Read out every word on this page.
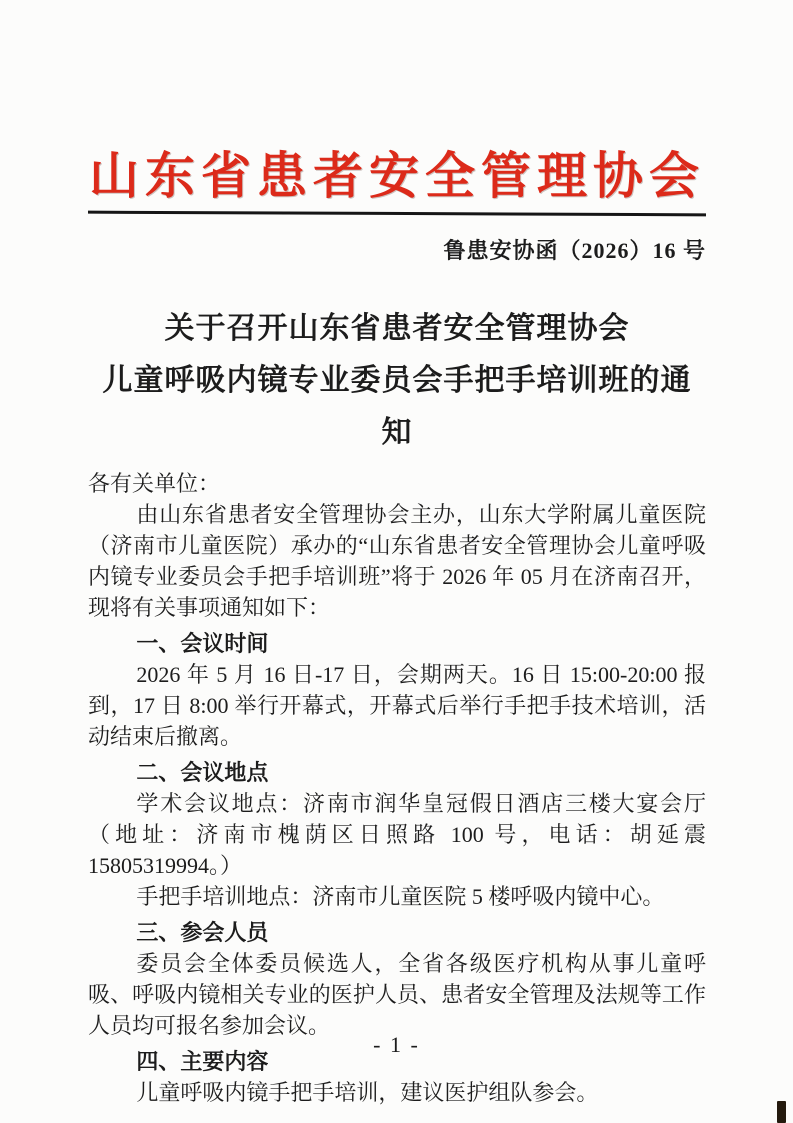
山东省患者安全管理协会
鲁患安协函（2026）16 号
关于召开山东省患者安全管理协会
儿童呼吸内镜专业委员会手把手培训班的通知
各有关单位：

由山东省患者安全管理协会主办，山东大学附属儿童医院（济南市儿童医院）承办的“山东省患者安全管理协会儿童呼吸内镜专业委员会手把手培训班”将于 2026 年 05 月在济南召开，现将有关事项通知如下：

一、会议时间

2026 年 5 月 16 日-17 日，会期两天。16 日 15:00-20:00 报到，17 日 8:00 举行开幕式，开幕式后举行手把手技术培训，活动结束后撤离。

二、会议地点

学术会议地点：济南市润华皇冠假日酒店三楼大宴会厅（地址：济南市槐荫区日照路 100 号，电话：胡延震 15805319994。）

手把手培训地点：济南市儿童医院 5 楼呼吸内镜中心。

三、参会人员

委员会全体委员候选人，全省各级医疗机构从事儿童呼吸、呼吸内镜相关专业的医护人员、患者安全管理及法规等工作人员均可报名参加会议。

四、主要内容

儿童呼吸内镜手把手培训，建议医护组队参会。

- 1 -
